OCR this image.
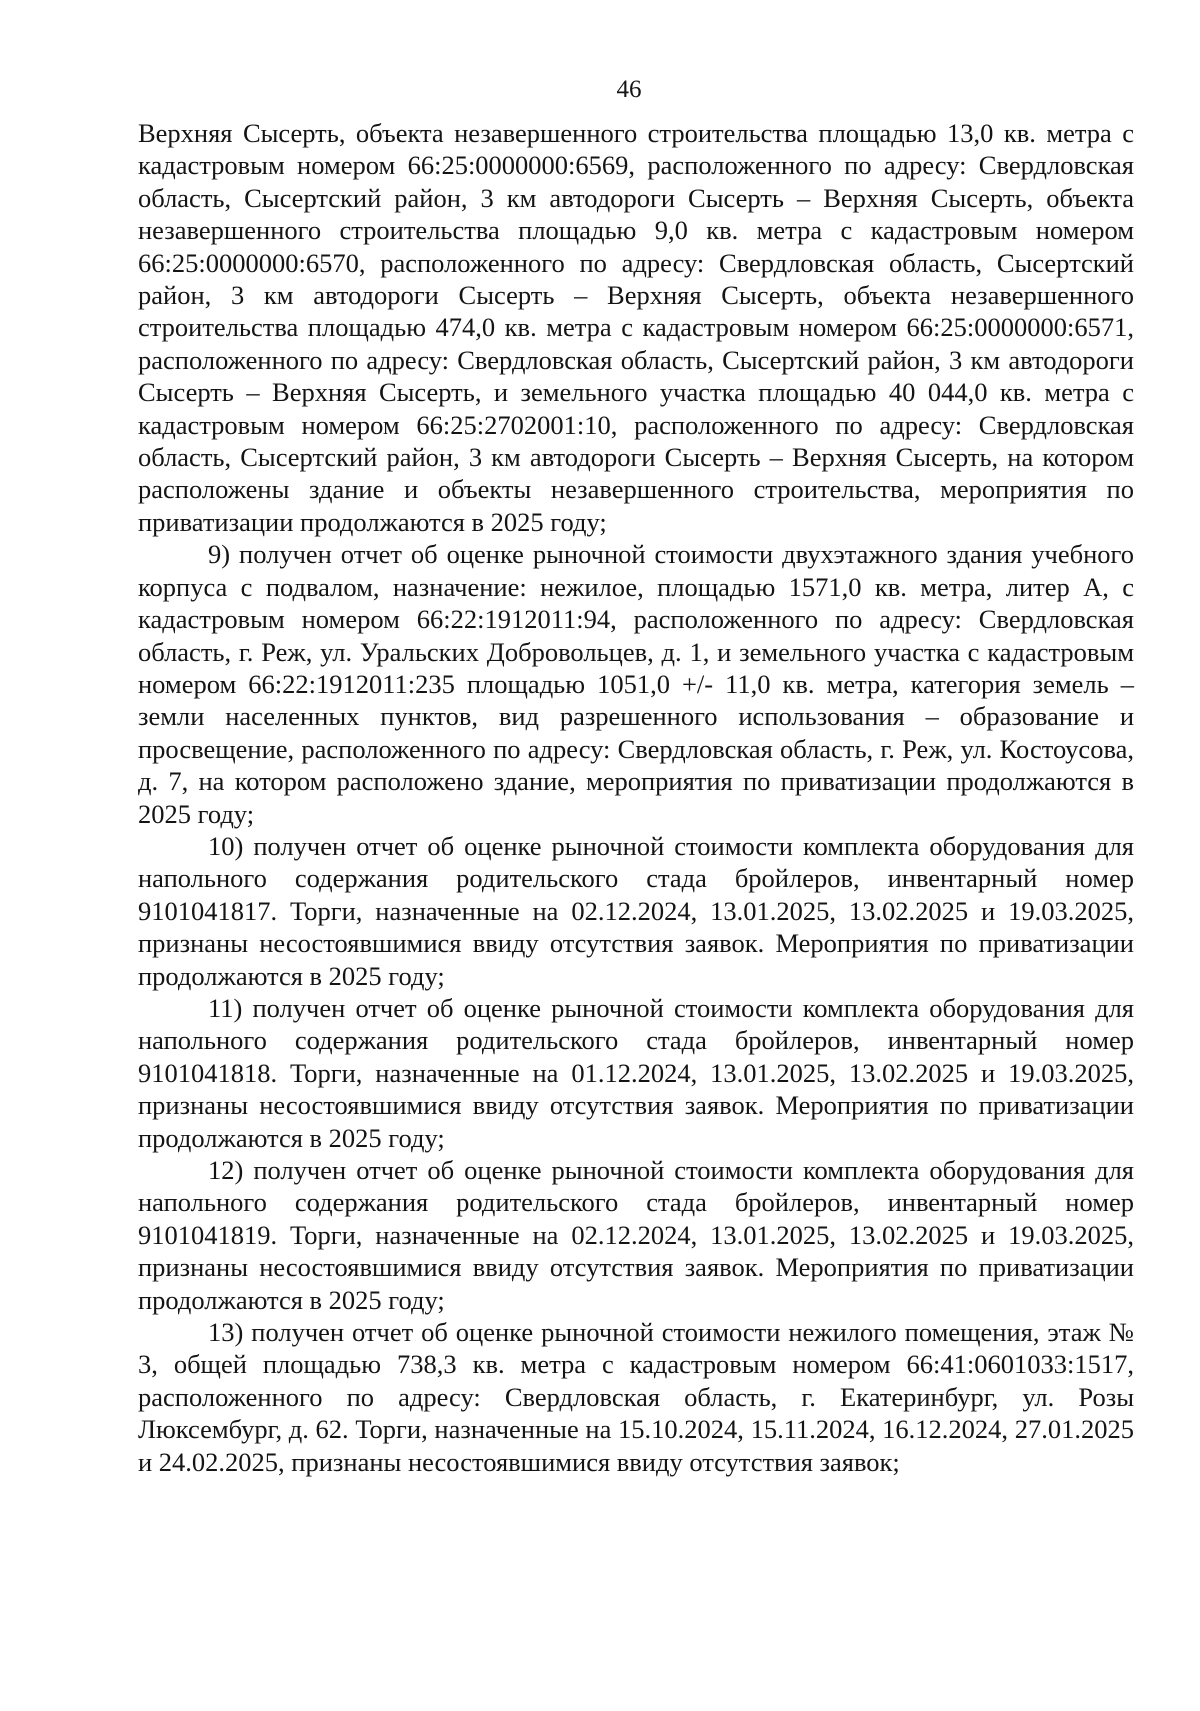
46

Верхняя Сысерть, объекта незавершенного строительства площадью 13,0 кв. метра с кадастровым номером 66:25:0000000:6569, расположенного по адресу: Свердловская область, Сысертский район, 3 км автодороги Сысерть – Верхняя Сысерть, объекта незавершенного строительства площадью 9,0 кв. метра с кадастровым номером 66:25:0000000:6570, расположенного по адресу: Свердловская область, Сысертский район, 3 км автодороги Сысерть – Верхняя Сысерть, объекта незавершенного строительства площадью 474,0 кв. метра с кадастровым номером 66:25:0000000:6571, расположенного по адресу: Свердловская область, Сысертский район, 3 км автодороги Сысерть – Верхняя Сысерть, и земельного участка площадью 40 044,0 кв. метра с кадастровым номером 66:25:2702001:10, расположенного по адресу: Свердловская область, Сысертский район, 3 км автодороги Сысерть – Верхняя Сысерть, на котором расположены здание и объекты незавершенного строительства, мероприятия по приватизации продолжаются в 2025 году;

9) получен отчет об оценке рыночной стоимости двухэтажного здания учебного корпуса с подвалом, назначение: нежилое, площадью 1571,0 кв. метра, литер А, с кадастровым номером 66:22:1912011:94, расположенного по адресу: Свердловская область, г. Реж, ул. Уральских Добровольцев, д. 1, и земельного участка с кадастровым номером 66:22:1912011:235 площадью 1051,0 +/- 11,0 кв. метра, категория земель – земли населенных пунктов, вид разрешенного использования – образование и просвещение, расположенного по адресу: Свердловская область, г. Реж, ул. Костоусова, д. 7, на котором расположено здание, мероприятия по приватизации продолжаются в 2025 году;

10) получен отчет об оценке рыночной стоимости комплекта оборудования для напольного содержания родительского стада бройлеров, инвентарный номер 9101041817. Торги, назначенные на 02.12.2024, 13.01.2025, 13.02.2025 и 19.03.2025, признаны несостоявшимися ввиду отсутствия заявок. Мероприятия по приватизации продолжаются в 2025 году;

11) получен отчет об оценке рыночной стоимости комплекта оборудования для напольного содержания родительского стада бройлеров, инвентарный номер 9101041818. Торги, назначенные на 01.12.2024, 13.01.2025, 13.02.2025 и 19.03.2025, признаны несостоявшимися ввиду отсутствия заявок. Мероприятия по приватизации продолжаются в 2025 году;

12) получен отчет об оценке рыночной стоимости комплекта оборудования для напольного содержания родительского стада бройлеров, инвентарный номер 9101041819. Торги, назначенные на 02.12.2024, 13.01.2025, 13.02.2025 и 19.03.2025, признаны несостоявшимися ввиду отсутствия заявок. Мероприятия по приватизации продолжаются в 2025 году;

13) получен отчет об оценке рыночной стоимости нежилого помещения, этаж № 3, общей площадью 738,3 кв. метра с кадастровым номером 66:41:0601033:1517, расположенного по адресу: Свердловская область, г. Екатеринбург, ул. Розы Люксембург, д. 62. Торги, назначенные на 15.10.2024, 15.11.2024, 16.12.2024, 27.01.2025 и 24.02.2025, признаны несостоявшимися ввиду отсутствия заявок;
